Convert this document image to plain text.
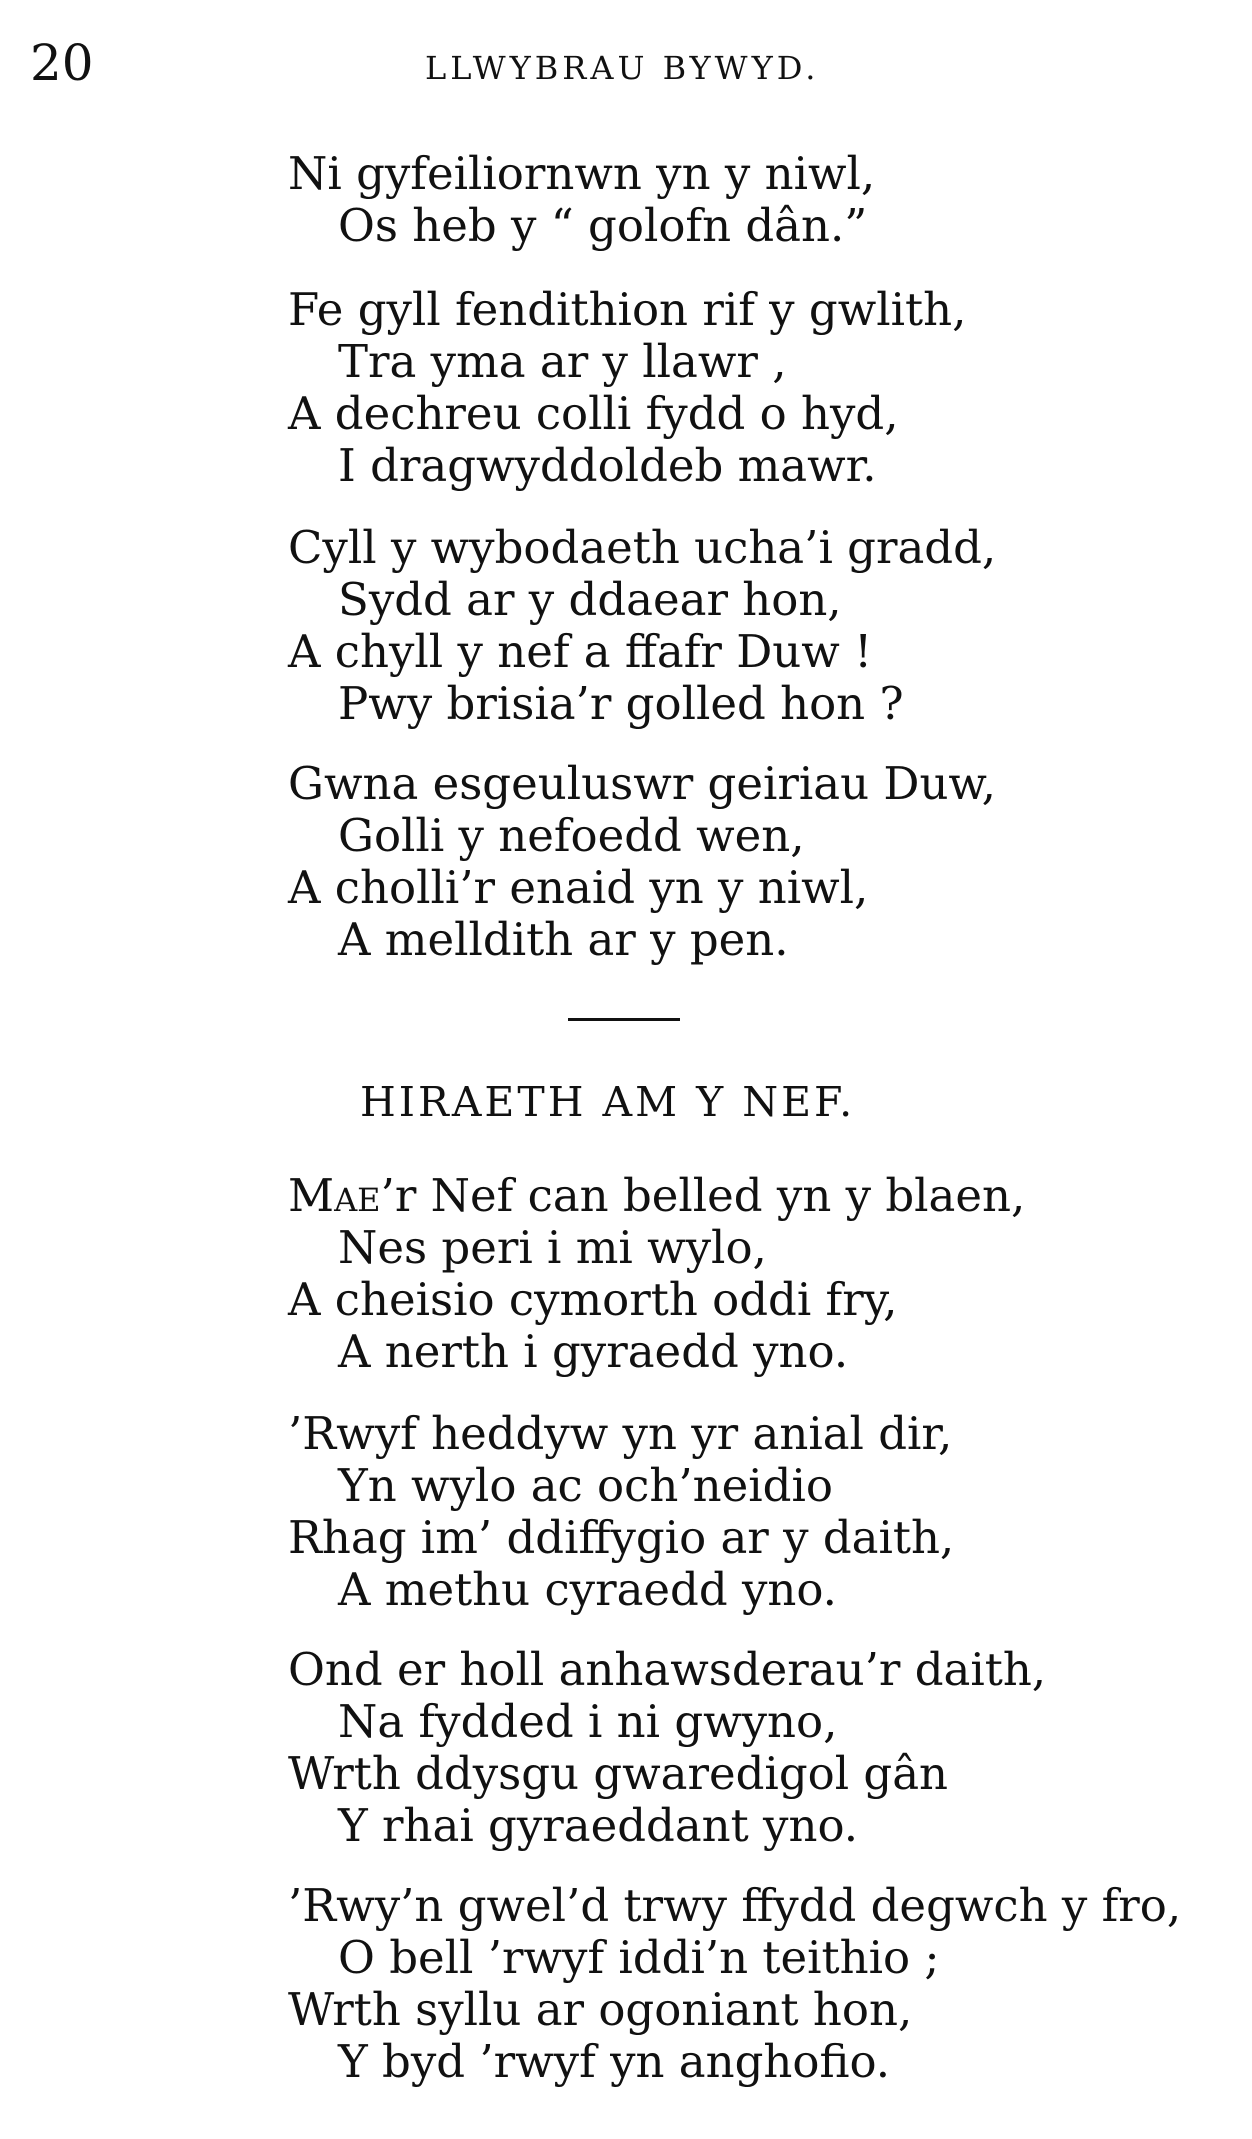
20	LLWYBRAU BYWYD.
Ni gyfeiliornwn yn y niwl,
Os heb y “ golofn dân.”
Fe gyll fendithion rif y gwlith,
Tra yma ar y llawr ,
A dechreu colli fydd o hyd,
I dragwyddoldeb mawr.
Cyll y wybodaeth ucha’i gradd,
Sydd ar y ddaear hon,
A chyll y nef a ffafr Duw !
Pwy brisia’r golled hon ?
Gwna esgeuluswr geiriau Duw,
Golli y nefoedd wen,
A cholli’r enaid yn y niwl,
A melldith ar y pen.
HIRAETH AM Y NEF.
Mae’r Nef can belled yn y blaen,
Nes peri i mi wylo,
A cheisio cymorth oddi fry,
A nerth i gyraedd yno.
’Rwyf heddyw yn yr anial dir,
Yn wylo ac och’neidio
Rhag im’ ddiffygio ar y daith,
A methu cyraedd yno.
Ond er holl anhawsderau’r daith,
Na fydded i ni gwyno,
Wrth ddysgu gwaredigol gân
Y rhai gyraeddant yno.
’Rwy’n gwel’d trwy ffydd degwch y fro,
O bell ’rwyf iddi’n teithio ;
Wrth syllu ar ogoniant hon,
Y byd ’rwyf yn anghofio.
